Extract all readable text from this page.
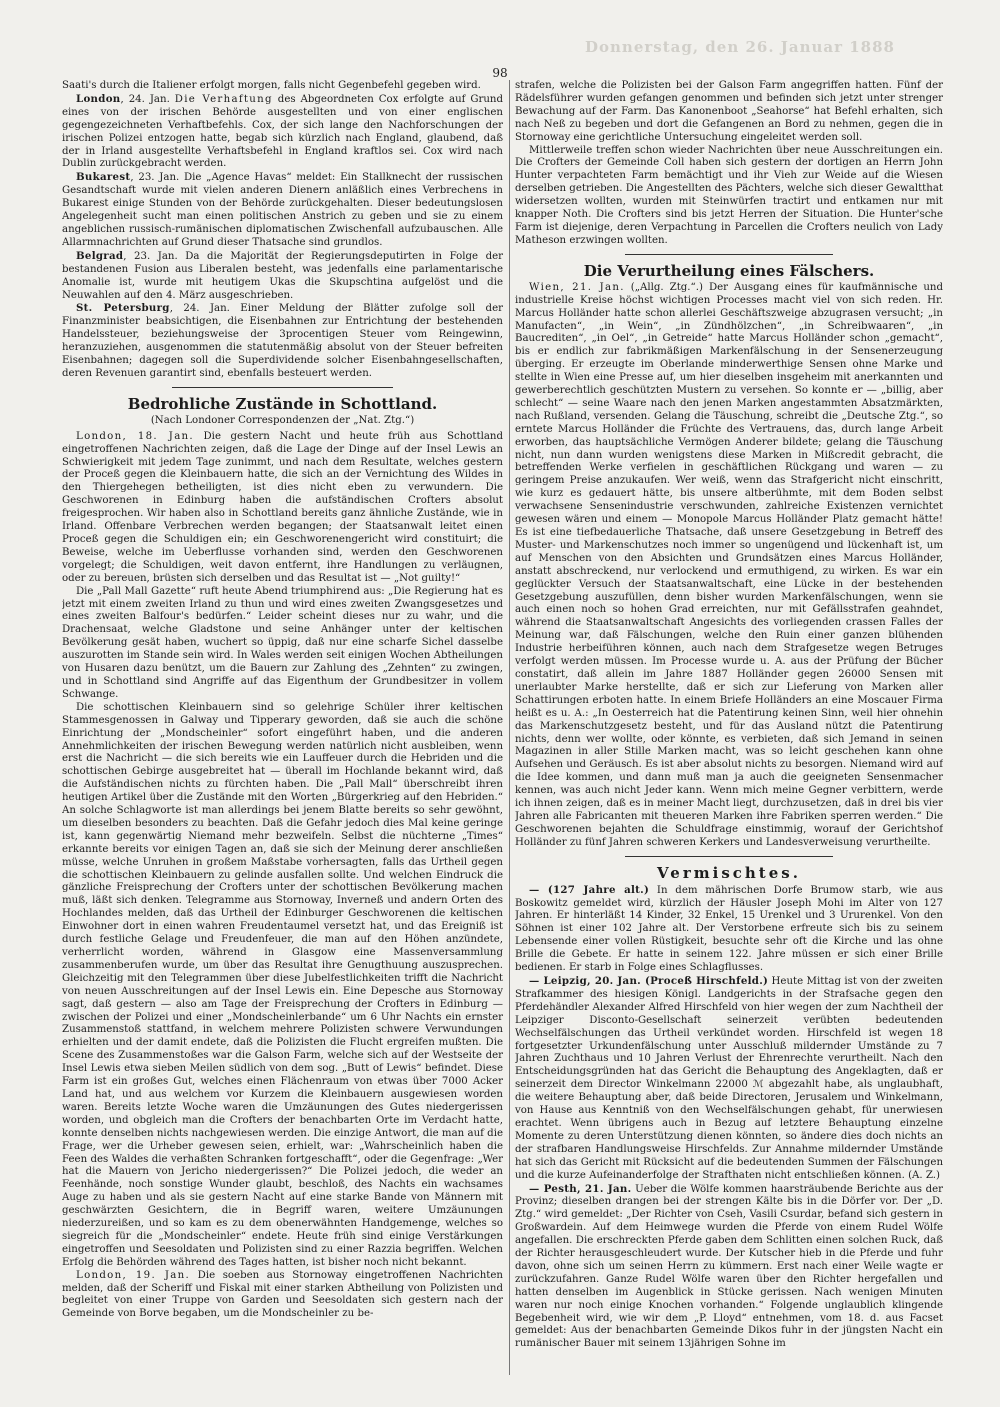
Donnerstag, den 26. Januar 1888
98

Saati's durch die Italiener erfolgt morgen, falls nicht Gegenbefehl gegeben wird.

London, 24. Jan. Die Verhaftung des Abgeordneten Cox erfolgte auf Grund eines von der irischen Behörde ausgestellten und von einer englischen gegengezeichneten Verhaftbefehls. Cox, der sich lange den Nachforschungen der irischen Polizei entzogen hatte, begab sich kürzlich nach England, glaubend, daß der in Irland ausgestellte Verhaftsbefehl in England kraftlos sei. Cox wird nach Dublin zurückgebracht werden.

Bukarest, 23. Jan. Die „Agence Havas“ meldet: Ein Stallknecht der russischen Gesandtschaft wurde mit vielen anderen Dienern anläßlich eines Verbrechens in Bukarest einige Stunden von der Behörde zurückgehalten. Dieser bedeutungslosen Angelegenheit sucht man einen politischen Anstrich zu geben und sie zu einem angeblichen russisch-rumänischen diplomatischen Zwischenfall aufzubauschen. Alle Allarmnachrichten auf Grund dieser Thatsache sind grundlos.

Belgrad, 23. Jan. Da die Majorität der Regierungsdeputirten in Folge der bestandenen Fusion aus Liberalen besteht, was jedenfalls eine parlamentarische Anomalie ist, wurde mit heutigem Ukas die Skupschtina aufgelöst und die Neuwahlen auf den 4. März ausgeschrieben.

St. Petersburg, 24. Jan. Einer Meldung der Blätter zufolge soll der Finanzminister beabsichtigen, die Eisenbahnen zur Entrichtung der bestehenden Handelssteuer, beziehungsweise der 3procentigen Steuer vom Reingewinn, heranzuziehen, ausgenommen die statutenmäßig absolut von der Steuer befreiten Eisenbahnen; dagegen soll die Superdividende solcher Eisenbahngesellschaften, deren Revenuen garantirt sind, ebenfalls besteuert werden.

Bedrohliche Zustände in Schottland.
(Nach Londoner Correspondenzen der „Nat. Ztg.“)

London, 18. Jan. Die gestern Nacht und heute früh aus Schottland eingetroffenen Nachrichten zeigen, daß die Lage der Dinge auf der Insel Lewis an Schwierigkeit mit jedem Tage zunimmt, und nach dem Resultate, welches gestern der Proceß gegen die Kleinbauern hatte, die sich an der Vernichtung des Wildes in den Thiergehegen betheiligten, ist dies nicht eben zu verwundern. Die Geschworenen in Edinburg haben die aufständischen Crofters absolut freigesprochen. Wir haben also in Schottland bereits ganz ähnliche Zustände, wie in Irland. Offenbare Verbrechen werden begangen; der Staatsanwalt leitet einen Proceß gegen die Schuldigen ein; ein Geschworenengericht wird constituirt; die Beweise, welche im Ueberflusse vorhanden sind, werden den Geschworenen vorgelegt; die Schuldigen, weit davon entfernt, ihre Handlungen zu verläugnen, oder zu bereuen, brüsten sich derselben und das Resultat ist — „Not guilty!“

Die „Pall Mall Gazette“ ruft heute Abend triumphirend aus: „Die Regierung hat es jetzt mit einem zweiten Irland zu thun und wird eines zweiten Zwangsgesetzes und eines zweiten Balfour's bedürfen.“ Leider scheint dieses nur zu wahr, und die Drachensaat, welche Gladstone und seine Anhänger unter der keltischen Bevölkerung gesät haben, wuchert so üppig, daß nur eine scharfe Sichel dasselbe auszurotten im Stande sein wird. In Wales werden seit einigen Wochen Abtheilungen von Husaren dazu benützt, um die Bauern zur Zahlung des „Zehnten“ zu zwingen, und in Schottland sind Angriffe auf das Eigenthum der Grundbesitzer in vollem Schwange.

Die schottischen Kleinbauern sind so gelehrige Schüler ihrer keltischen Stammesgenossen in Galway und Tipperary geworden, daß sie auch die schöne Einrichtung der „Mondscheinler“ sofort eingeführt haben, und die anderen Annehmlichkeiten der irischen Bewegung werden natürlich nicht ausbleiben, wenn erst die Nachricht — die sich bereits wie ein Lauffeuer durch die Hebriden und die schottischen Gebirge ausgebreitet hat — überall im Hochlande bekannt wird, daß die Aufständischen nichts zu fürchten haben. Die „Pall Mall“ überschreibt ihren heutigen Artikel über die Zustände mit den Worten „Bürgerkrieg auf den Hebriden.“ An solche Schlagworte ist man allerdings bei jenem Blatte bereits so sehr gewöhnt, um dieselben besonders zu beachten. Daß die Gefahr jedoch dies Mal keine geringe ist, kann gegenwärtig Niemand mehr bezweifeln. Selbst die nüchterne „Times“ erkannte bereits vor einigen Tagen an, daß sie sich der Meinung derer anschließen müsse, welche Unruhen in großem Maßstabe vorhersagten, falls das Urtheil gegen die schottischen Kleinbauern zu gelinde ausfallen sollte. Und welchen Eindruck die gänzliche Freisprechung der Crofters unter der schottischen Bevölkerung machen muß, läßt sich denken. Telegramme aus Stornoway, Inverneß und andern Orten des Hochlandes melden, daß das Urtheil der Edinburger Geschworenen die keltischen Einwohner dort in einen wahren Freudentaumel versetzt hat, und das Ereigniß ist durch festliche Gelage und Freudenfeuer, die man auf den Höhen anzündete, verherrlicht worden, während in Glasgow eine Massenversammlung zusammenberufen wurde, um über das Resultat ihre Genugthuung auszusprechen. Gleichzeitig mit den Telegrammen über diese Jubelfestlichkeiten trifft die Nachricht von neuen Ausschreitungen auf der Insel Lewis ein. Eine Depesche aus Stornoway sagt, daß gestern — also am Tage der Freisprechung der Crofters in Edinburg — zwischen der Polizei und einer „Mondscheinlerbande“ um 6 Uhr Nachts ein ernster Zusammenstoß stattfand, in welchem mehrere Polizisten schwere Verwundungen erhielten und der damit endete, daß die Polizisten die Flucht ergreifen mußten. Die Scene des Zusammenstoßes war die Galson Farm, welche sich auf der Westseite der Insel Lewis etwa sieben Meilen südlich von dem sog. „Butt of Lewis“ befindet. Diese Farm ist ein großes Gut, welches einen Flächenraum von etwas über 7000 Acker Land hat, und aus welchem vor Kurzem die Kleinbauern ausgewiesen worden waren. Bereits letzte Woche waren die Umzäunungen des Gutes niedergerissen worden, und obgleich man die Crofters der benachbarten Orte im Verdacht hatte, konnte denselben nichts nachgewiesen werden. Die einzige Antwort, die man auf die Frage, wer die Urheber gewesen seien, erhielt, war: „Wahrscheinlich haben die Feen des Waldes die verhaßten Schranken fortgeschafft“, oder die Gegenfrage: „Wer hat die Mauern von Jericho niedergerissen?“ Die Polizei jedoch, die weder an Feenhände, noch sonstige Wunder glaubt, beschloß, des Nachts ein wachsames Auge zu haben und als sie gestern Nacht auf eine starke Bande von Männern mit geschwärzten Gesichtern, die in Begriff waren, weitere Umzäunungen niederzureißen, und so kam es zu dem obenerwähnten Handgemenge, welches so siegreich für die „Mondscheinler“ endete. Heute früh sind einige Verstärkungen eingetroffen und Seesoldaten und Polizisten sind zu einer Razzia begriffen. Welchen Erfolg die Behörden während des Tages hatten, ist bisher noch nicht bekannt.

London, 19. Jan. Die soeben aus Stornoway eingetroffenen Nachrichten melden, daß der Scheriff und Fiskal mit einer starken Abtheilung von Polizisten und begleitet von einer Truppe von Garden und Seesoldaten sich gestern nach der Gemeinde von Borve begaben, um die Mondscheinler zu be-

strafen, welche die Polizisten bei der Galson Farm angegriffen hatten. Fünf der Rädelsführer wurden gefangen genommen und befinden sich jetzt unter strenger Bewachung auf der Farm. Das Kanonenboot „Seahorse“ hat Befehl erhalten, sich nach Neß zu begeben und dort die Gefangenen an Bord zu nehmen, gegen die in Stornoway eine gerichtliche Untersuchung eingeleitet werden soll.

Mittlerweile treffen schon wieder Nachrichten über neue Ausschreitungen ein. Die Crofters der Gemeinde Coll haben sich gestern der dortigen an Herrn John Hunter verpachteten Farm bemächtigt und ihr Vieh zur Weide auf die Wiesen derselben getrieben. Die Angestellten des Pächters, welche sich dieser Gewaltthat widersetzen wollten, wurden mit Steinwürfen tractirt und entkamen nur mit knapper Noth. Die Crofters sind bis jetzt Herren der Situation. Die Hunter'sche Farm ist diejenige, deren Verpachtung in Parcellen die Crofters neulich von Lady Matheson erzwingen wollten.

Die Verurtheilung eines Fälschers.

Wien, 21. Jan. („Allg. Ztg.“.) Der Ausgang eines für kaufmännische und industrielle Kreise höchst wichtigen Processes macht viel von sich reden. Hr. Marcus Holländer hatte schon allerlei Geschäftszweige abzugrasen versucht; „in Manufacten“, „in Wein“, „in Zündhölzchen“, „in Schreibwaaren“, „in Baucrediten“, „in Oel“, „in Getreide“ hatte Marcus Holländer schon „gemacht“, bis er endlich zur fabrikmäßigen Markenfälschung in der Sensenerzeugung überging. Er erzeugte im Oberlande minderwerthige Sensen ohne Marke und stellte in Wien eine Presse auf, um hier dieselben insgeheim mit anerkannten und gewerberechtlich geschützten Mustern zu versehen. So konnte er — „billig, aber schlecht“ — seine Waare nach den jenen Marken angestammten Absatzmärkten, nach Rußland, versenden. Gelang die Täuschung, schreibt die „Deutsche Ztg.“, so erntete Marcus Holländer die Früchte des Vertrauens, das, durch lange Arbeit erworben, das hauptsächliche Vermögen Anderer bildete; gelang die Täuschung nicht, nun dann wurden wenigstens diese Marken in Mißcredit gebracht, die betreffenden Werke verfielen in geschäftlichen Rückgang und waren — zu geringem Preise anzukaufen. Wer weiß, wenn das Strafgericht nicht einschritt, wie kurz es gedauert hätte, bis unsere altberühmte, mit dem Boden selbst verwachsene Sensenindustrie verschwunden, zahlreiche Existenzen vernichtet gewesen wären und einem — Monopole Marcus Holländer Platz gemacht hätte! Es ist eine tiefbedauerliche Thatsache, daß unsere Gesetzgebung in Betreff des Muster- und Markenschutzes noch immer so ungenügend und lückenhaft ist, um auf Menschen von den Absichten und Grundsätzen eines Marcus Holländer, anstatt abschreckend, nur verlockend und ermuthigend, zu wirken. Es war ein geglückter Versuch der Staatsanwaltschaft, eine Lücke in der bestehenden Gesetzgebung auszufüllen, denn bisher wurden Markenfälschungen, wenn sie auch einen noch so hohen Grad erreichten, nur mit Gefällsstrafen geahndet, während die Staatsanwaltschaft Angesichts des vorliegenden crassen Falles der Meinung war, daß Fälschungen, welche den Ruin einer ganzen blühenden Industrie herbeiführen können, auch nach dem Strafgesetze wegen Betruges verfolgt werden müssen. Im Processe wurde u. A. aus der Prüfung der Bücher constatirt, daß allein im Jahre 1887 Holländer gegen 26000 Sensen mit unerlaubter Marke herstellte, daß er sich zur Lieferung von Marken aller Schattirungen erboten hatte. In einem Briefe Holländers an eine Moscauer Firma heißt es u. A.: „In Oesterreich hat die Patentirung keinen Sinn, weil hier ohnehin das Markenschutzgesetz besteht, und für das Ausland nützt die Patentirung nichts, denn wer wollte, oder könnte, es verbieten, daß sich Jemand in seinen Magazinen in aller Stille Marken macht, was so leicht geschehen kann ohne Aufsehen und Geräusch. Es ist aber absolut nichts zu besorgen. Niemand wird auf die Idee kommen, und dann muß man ja auch die geeigneten Sensenmacher kennen, was auch nicht Jeder kann. Wenn mich meine Gegner verbittern, werde ich ihnen zeigen, daß es in meiner Macht liegt, durchzusetzen, daß in drei bis vier Jahren alle Fabricanten mit theueren Marken ihre Fabriken sperren werden.“ Die Geschworenen bejahten die Schuldfrage einstimmig, worauf der Gerichtshof Holländer zu fünf Jahren schweren Kerkers und Landesverweisung verurtheilte.

Vermischtes.

— (127 Jahre alt.) In dem mährischen Dorfe Brumow starb, wie aus Boskowitz gemeldet wird, kürzlich der Häusler Joseph Mohi im Alter von 127 Jahren. Er hinterläßt 14 Kinder, 32 Enkel, 15 Urenkel und 3 Ururenkel. Von den Söhnen ist einer 102 Jahre alt. Der Verstorbene erfreute sich bis zu seinem Lebensende einer vollen Rüstigkeit, besuchte sehr oft die Kirche und las ohne Brille die Gebete. Er hatte in seinem 122. Jahre müssen er sich einer Brille bedienen. Er starb in Folge eines Schlagflusses.

— Leipzig, 20. Jan. (Proceß Hirschfeld.) Heute Mittag ist von der zweiten Strafkammer des hiesigen Königl. Landgerichts in der Strafsache gegen den Pferdehändler Alexander Alfred Hirschfeld von hier wegen der zum Nachtheil der Leipziger Disconto-Gesellschaft seinerzeit verübten bedeutenden Wechselfälschungen das Urtheil verkündet worden. Hirschfeld ist wegen 18 fortgesetzter Urkundenfälschung unter Ausschluß mildernder Umstände zu 7 Jahren Zuchthaus und 10 Jahren Verlust der Ehrenrechte verurtheilt. Nach den Entscheidungsgründen hat das Gericht die Behauptung des Angeklagten, daß er seinerzeit dem Director Winkelmann 22000 ℳ abgezahlt habe, als unglaubhaft, die weitere Behauptung aber, daß beide Directoren, Jerusalem und Winkelmann, von Hause aus Kenntniß von den Wechselfälschungen gehabt, für unerwiesen erachtet. Wenn übrigens auch in Bezug auf letztere Behauptung einzelne Momente zu deren Unterstützung dienen könnten, so ändere dies doch nichts an der strafbaren Handlungsweise Hirschfelds. Zur Annahme mildernder Umstände hat sich das Gericht mit Rücksicht auf die bedeutenden Summen der Fälschungen und die kurze Aufeinanderfolge der Strafthaten nicht entschließen können. (A. Z.)

— Pesth, 21. Jan. Ueber die Wölfe kommen haarsträubende Berichte aus der Provinz; dieselben drangen bei der strengen Kälte bis in die Dörfer vor. Der „D. Ztg.“ wird gemeldet: „Der Richter von Cseh, Vasili Csurdar, befand sich gestern in Großwardein. Auf dem Heimwege wurden die Pferde von einem Rudel Wölfe angefallen. Die erschreckten Pferde gaben dem Schlitten einen solchen Ruck, daß der Richter herausgeschleudert wurde. Der Kutscher hieb in die Pferde und fuhr davon, ohne sich um seinen Herrn zu kümmern. Erst nach einer Weile wagte er zurückzufahren. Ganze Rudel Wölfe waren über den Richter hergefallen und hatten denselben im Augenblick in Stücke gerissen. Nach wenigen Minuten waren nur noch einige Knochen vorhanden.“ Folgende unglaublich klingende Begebenheit wird, wie wir dem „P. Lloyd“ entnehmen, vom 18. d. aus Facset gemeldet: Aus der benachbarten Gemeinde Dikos fuhr in der jüngsten Nacht ein rumänischer Bauer mit seinem 13jährigen Sohne im
